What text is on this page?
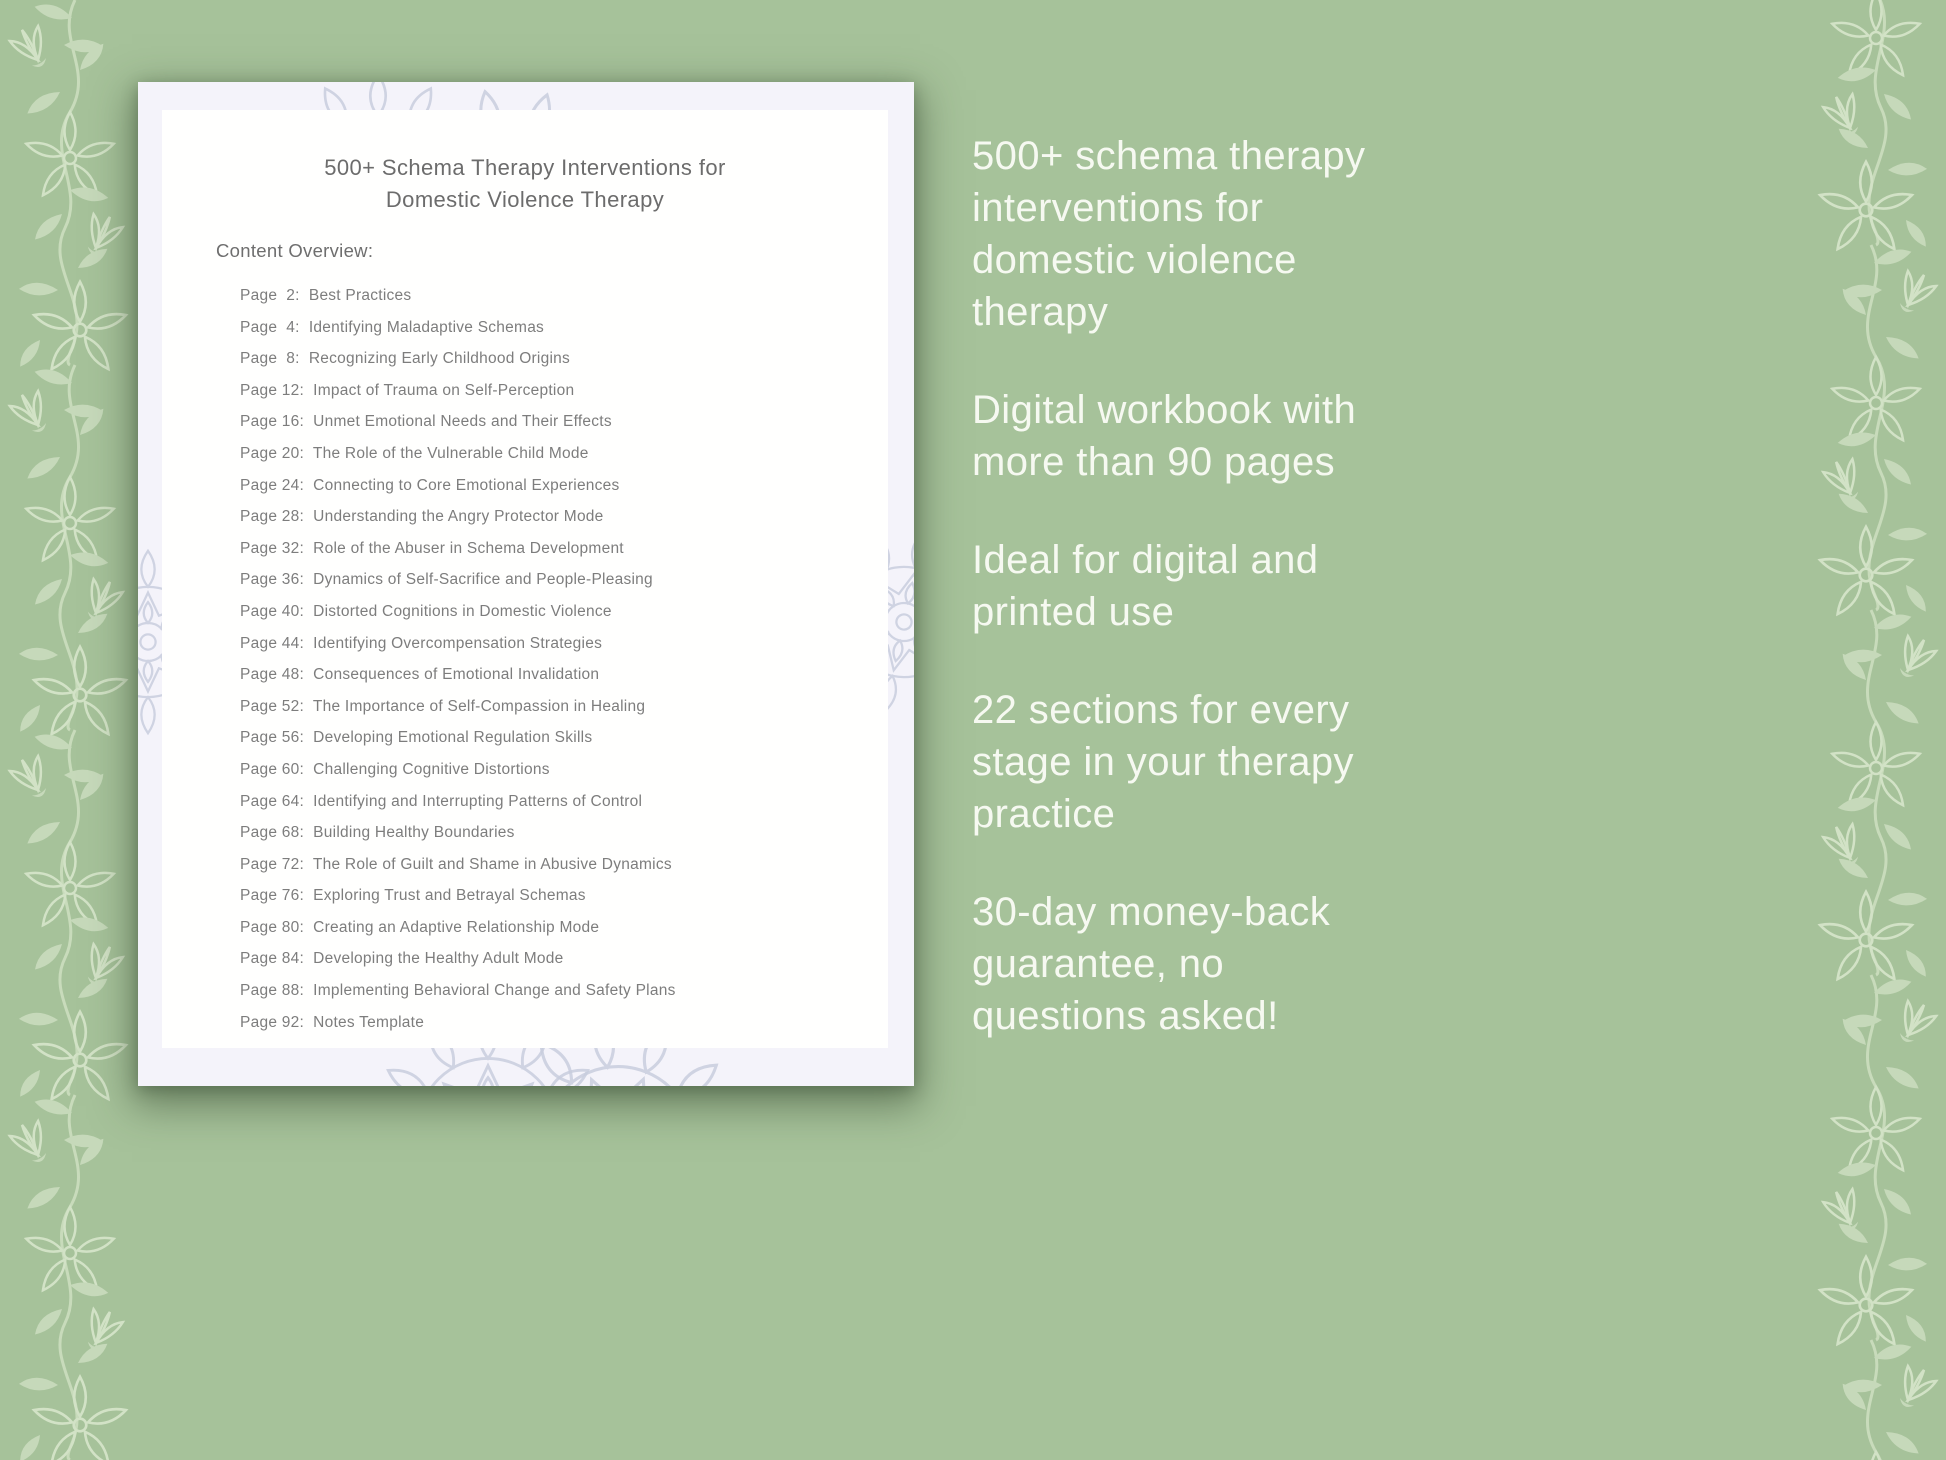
500+ Schema Therapy Interventions for
Domestic Violence Therapy
Content Overview:
Page  2:  Best Practices
Page  4:  Identifying Maladaptive Schemas
Page  8:  Recognizing Early Childhood Origins
Page 12:  Impact of Trauma on Self-Perception
Page 16:  Unmet Emotional Needs and Their Effects
Page 20:  The Role of the Vulnerable Child Mode
Page 24:  Connecting to Core Emotional Experiences
Page 28:  Understanding the Angry Protector Mode
Page 32:  Role of the Abuser in Schema Development
Page 36:  Dynamics of Self-Sacrifice and People-Pleasing
Page 40:  Distorted Cognitions in Domestic Violence
Page 44:  Identifying Overcompensation Strategies
Page 48:  Consequences of Emotional Invalidation
Page 52:  The Importance of Self-Compassion in Healing
Page 56:  Developing Emotional Regulation Skills
Page 60:  Challenging Cognitive Distortions
Page 64:  Identifying and Interrupting Patterns of Control
Page 68:  Building Healthy Boundaries
Page 72:  The Role of Guilt and Shame in Abusive Dynamics
Page 76:  Exploring Trust and Betrayal Schemas
Page 80:  Creating an Adaptive Relationship Mode
Page 84:  Developing the Healthy Adult Mode
Page 88:  Implementing Behavioral Change and Safety Plans
Page 92:  Notes Template
500+ schema therapy
interventions for
domestic violence
therapy
Digital workbook with
more than 90 pages
Ideal for digital and
printed use
22 sections for every
stage in your therapy
practice
30-day money-back
guarantee, no
questions asked!
